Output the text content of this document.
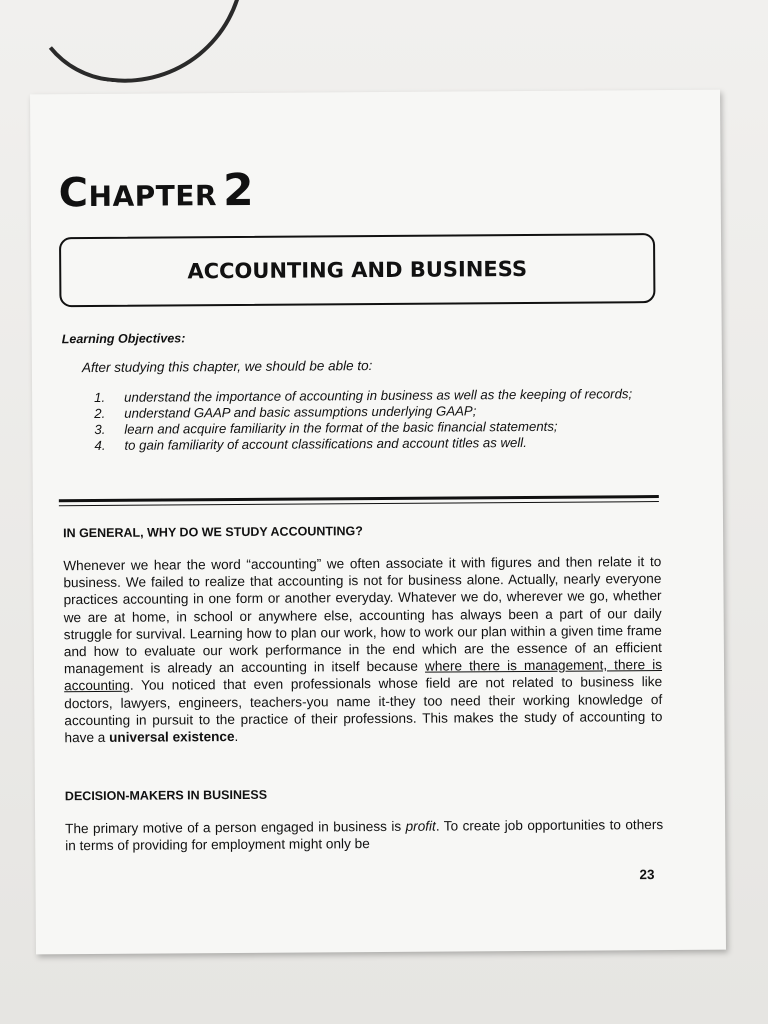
CHAPTER 2
ACCOUNTING AND BUSINESS
Learning Objectives:
After studying this chapter, we should be able to:
1.	understand the importance of accounting in business as well as the keeping of records;
2.	understand GAAP and basic assumptions underlying GAAP;
3.	learn and acquire familiarity in the format of the basic financial statements;
4.	to gain familiarity of account classifications and account titles as well.
IN GENERAL, WHY DO WE STUDY ACCOUNTING?

Whenever we hear the word “accounting” we often associate it with figures and then relate it to business. We failed to realize that accounting is not for business alone. Actually, nearly everyone practices accounting in one form or another everyday. Whatever we do, wherever we go, whether we are at home, in school or anywhere else, accounting has always been a part of our daily struggle for survival. Learning how to plan our work, how to work our plan within a given time frame and how to evaluate our work performance in the end which are the essence of an efficient management is already an accounting in itself because where there is management, there is accounting. You noticed that even professionals whose field are not related to business like doctors, lawyers, engineers, teachers-you name it-they too need their working knowledge of accounting in pursuit to the practice of their professions. This makes the study of accounting to have a universal existence.

DECISION-MAKERS IN BUSINESS

The primary motive of a person engaged in business is profit. To create job opportunities to others in terms of providing for employment might only be

23
